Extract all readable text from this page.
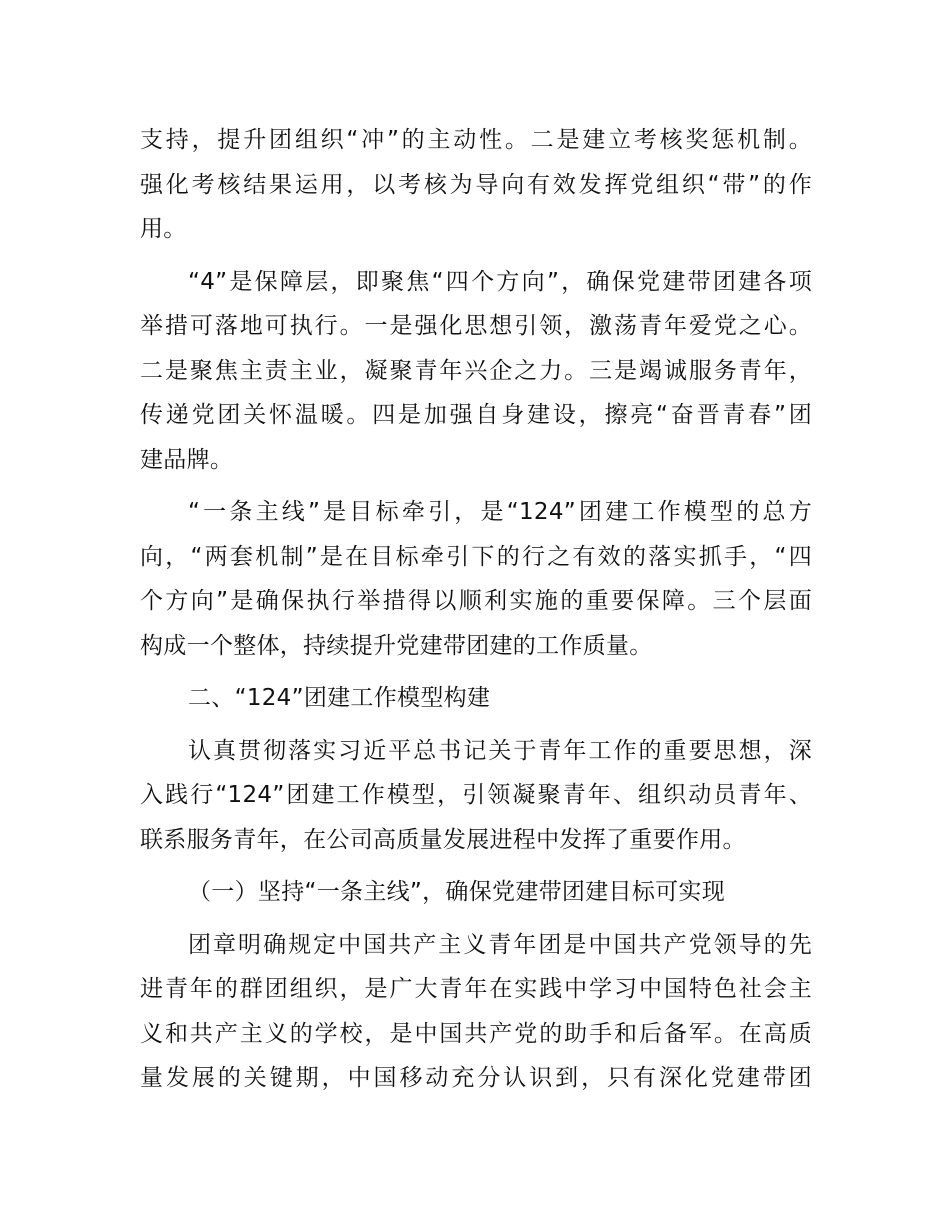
支持，提升团组织“冲”的主动性。二是建立考核奖惩机制。
强化考核结果运用，以考核为导向有效发挥党组织“带”的作
用。
“4”是保障层，即聚焦“四个方向”，确保党建带团建各项
举措可落地可执行。一是强化思想引领，激荡青年爱党之心。
二是聚焦主责主业，凝聚青年兴企之力。三是竭诚服务青年，
传递党团关怀温暖。四是加强自身建设，擦亮“奋晋青春”团
建品牌。
“一条主线”是目标牵引，是“124”团建工作模型的总方
向，“两套机制”是在目标牵引下的行之有效的落实抓手，“四
个方向”是确保执行举措得以顺利实施的重要保障。三个层面
构成一个整体，持续提升党建带团建的工作质量。
二、“124”团建工作模型构建
认真贯彻落实习近平总书记关于青年工作的重要思想，深
入践行“124”团建工作模型，引领凝聚青年、组织动员青年、
联系服务青年，在公司高质量发展进程中发挥了重要作用。
（一）坚持“一条主线”，确保党建带团建目标可实现
团章明确规定中国共产主义青年团是中国共产党领导的先
进青年的群团组织，是广大青年在实践中学习中国特色社会主
义和共产主义的学校，是中国共产党的助手和后备军。在高质
量发展的关键期，中国移动充分认识到，只有深化党建带团
